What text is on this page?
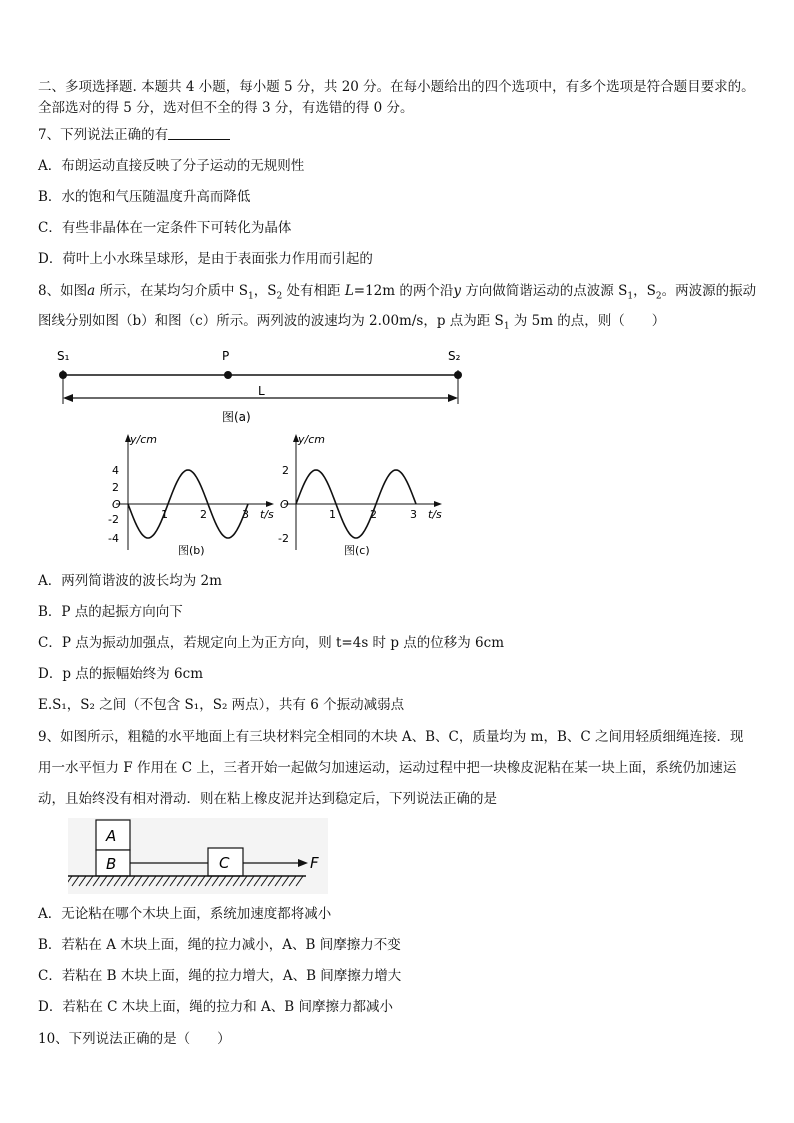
二、多项选择题. 本题共 4 小题，每小题 5 分，共 20 分。在每小题给出的四个选项中，有多个选项是符合题目要求的。
全部选对的得 5 分，选对但不全的得 3 分，有选错的得 0 分。
7、下列说法正确的有
A．布朗运动直接反映了分子运动的无规则性
B．水的饱和气压随温度升高而降低
C．有些非晶体在一定条件下可转化为晶体
D．荷叶上小水珠呈球形，是由于表面张力作用而引起的
8、如图a 所示，在某均匀介质中 $S_1$，$S_2$ 处有相距 L=12m 的两个沿y 方向做简谐运动的点波源 $S_1$，$S_2$。两波源的振动
图线分别如图（b）和图（c）所示。两列波的波速均为 2.00m/s，p 点为距 $S_1$ 为 5m 的点，则（　　）
S₁	P	S₂
L
图(a)
y/cm
t/s
O
4
2
-2
-4
1	2	3
图(b)
y/cm
t/s
O
2
-2
1	2	3
图(c)
A．两列简谐波的波长均为 2m
B．P 点的起振方向向下
C．P 点为振动加强点，若规定向上为正方向，则 t=4s 时 p 点的位移为 6cm
D．p 点的振幅始终为 6cm
E.S₁，S₂ 之间（不包含 S₁，S₂ 两点），共有 6 个振动减弱点
9、如图所示，粗糙的水平地面上有三块材料完全相同的木块 A、B、C，质量均为 m，B、C 之间用轻质细绳连接．现
用一水平恒力 F 作用在 C 上，三者开始一起做匀加速运动，运动过程中把一块橡皮泥粘在某一块上面，系统仍加速运
动，且始终没有相对滑动．则在粘上橡皮泥并达到稳定后，下列说法正确的是
A
B	C	F
A．无论粘在哪个木块上面，系统加速度都将减小
B．若粘在 A 木块上面，绳的拉力减小，A、B 间摩擦力不变
C．若粘在 B 木块上面，绳的拉力增大，A、B 间摩擦力增大
D．若粘在 C 木块上面，绳的拉力和 A、B 间摩擦力都减小
10、下列说法正确的是（　　）
